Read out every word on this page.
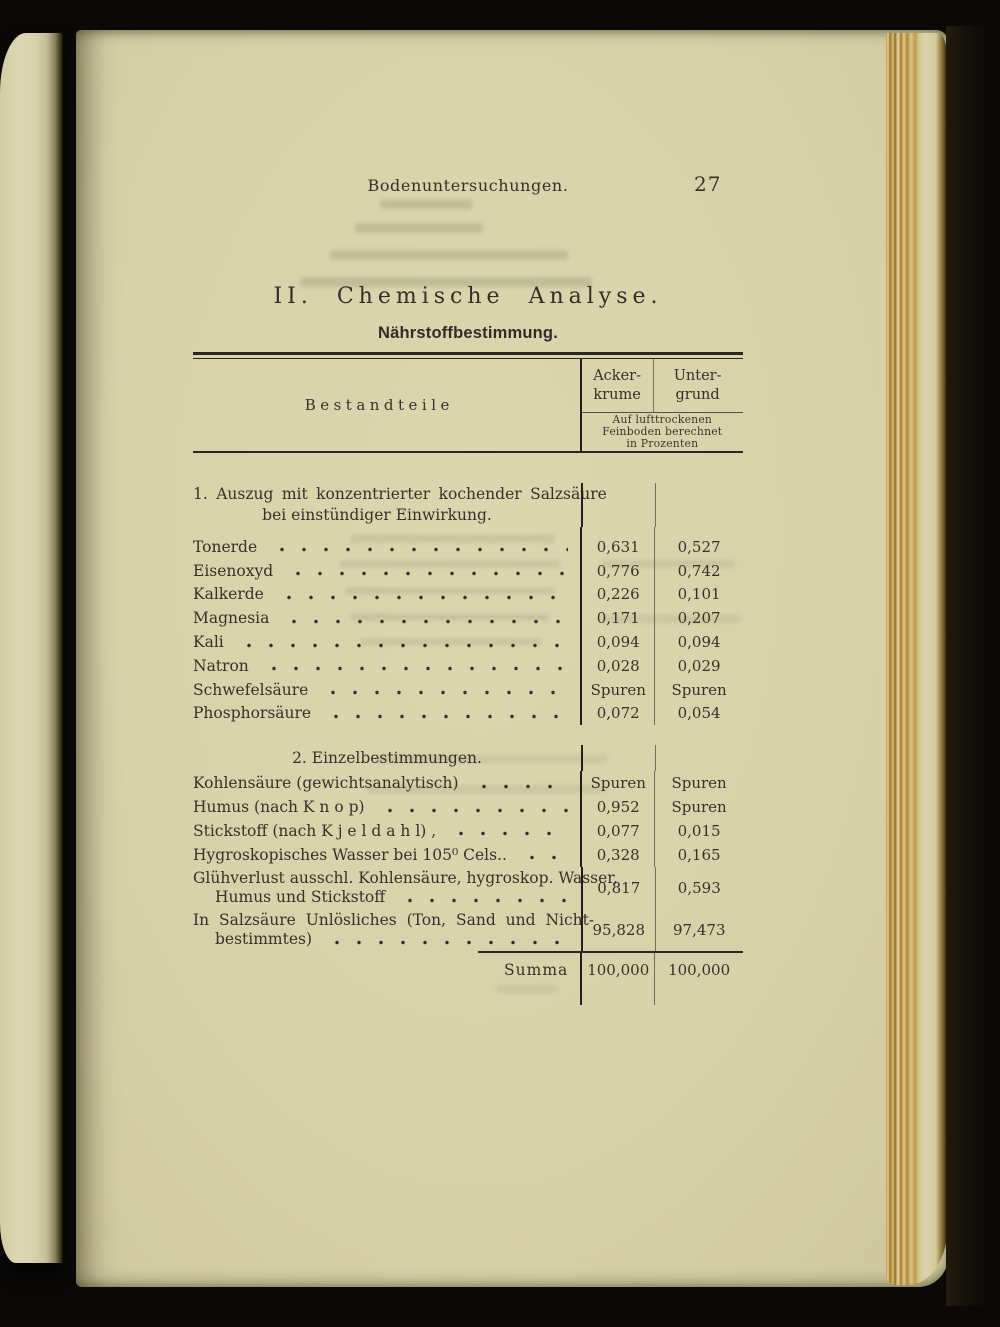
Bodenuntersuchungen.	27
II. Chemische Analyse.
Nährstoffbestimmung.
Bestandteile
Acker-
krume
Unter-
grund
Auf lufttrockenen
Feinboden berechnet
in Prozenten
1. Auszug mit konzentrierter kochender Salzsäure
bei einstündiger Einwirkung.
Tonerde	0,631	0,527
Eisenoxyd	0,776	0,742
Kalkerde	0,226	0,101
Magnesia	0,171	0,207
Kali	0,094	0,094
Natron	0,028	0,029
Schwefelsäure	Spuren Spuren
Phosphorsäure	0,072	0,054
2. Einzelbestimmungen.
Kohlensäure (gewichtsanalytisch)	Spuren Spuren
Humus (nach K n o p)	0,952 Spuren
Stickstoff (nach K j e l d a h l) ,	0,077	0,015
Hygroskopisches Wasser bei 105⁰ Cels..	0,328	0,165
Glühverlust ausschl. Kohlensäure, hygroskop. Wasser,
Humus und Stickstoff	0,817	0,593
In Salzsäure Unlösliches (Ton, Sand und Nicht-
bestimmtes)	95,828 97,473
Summa	100,000 100,000
